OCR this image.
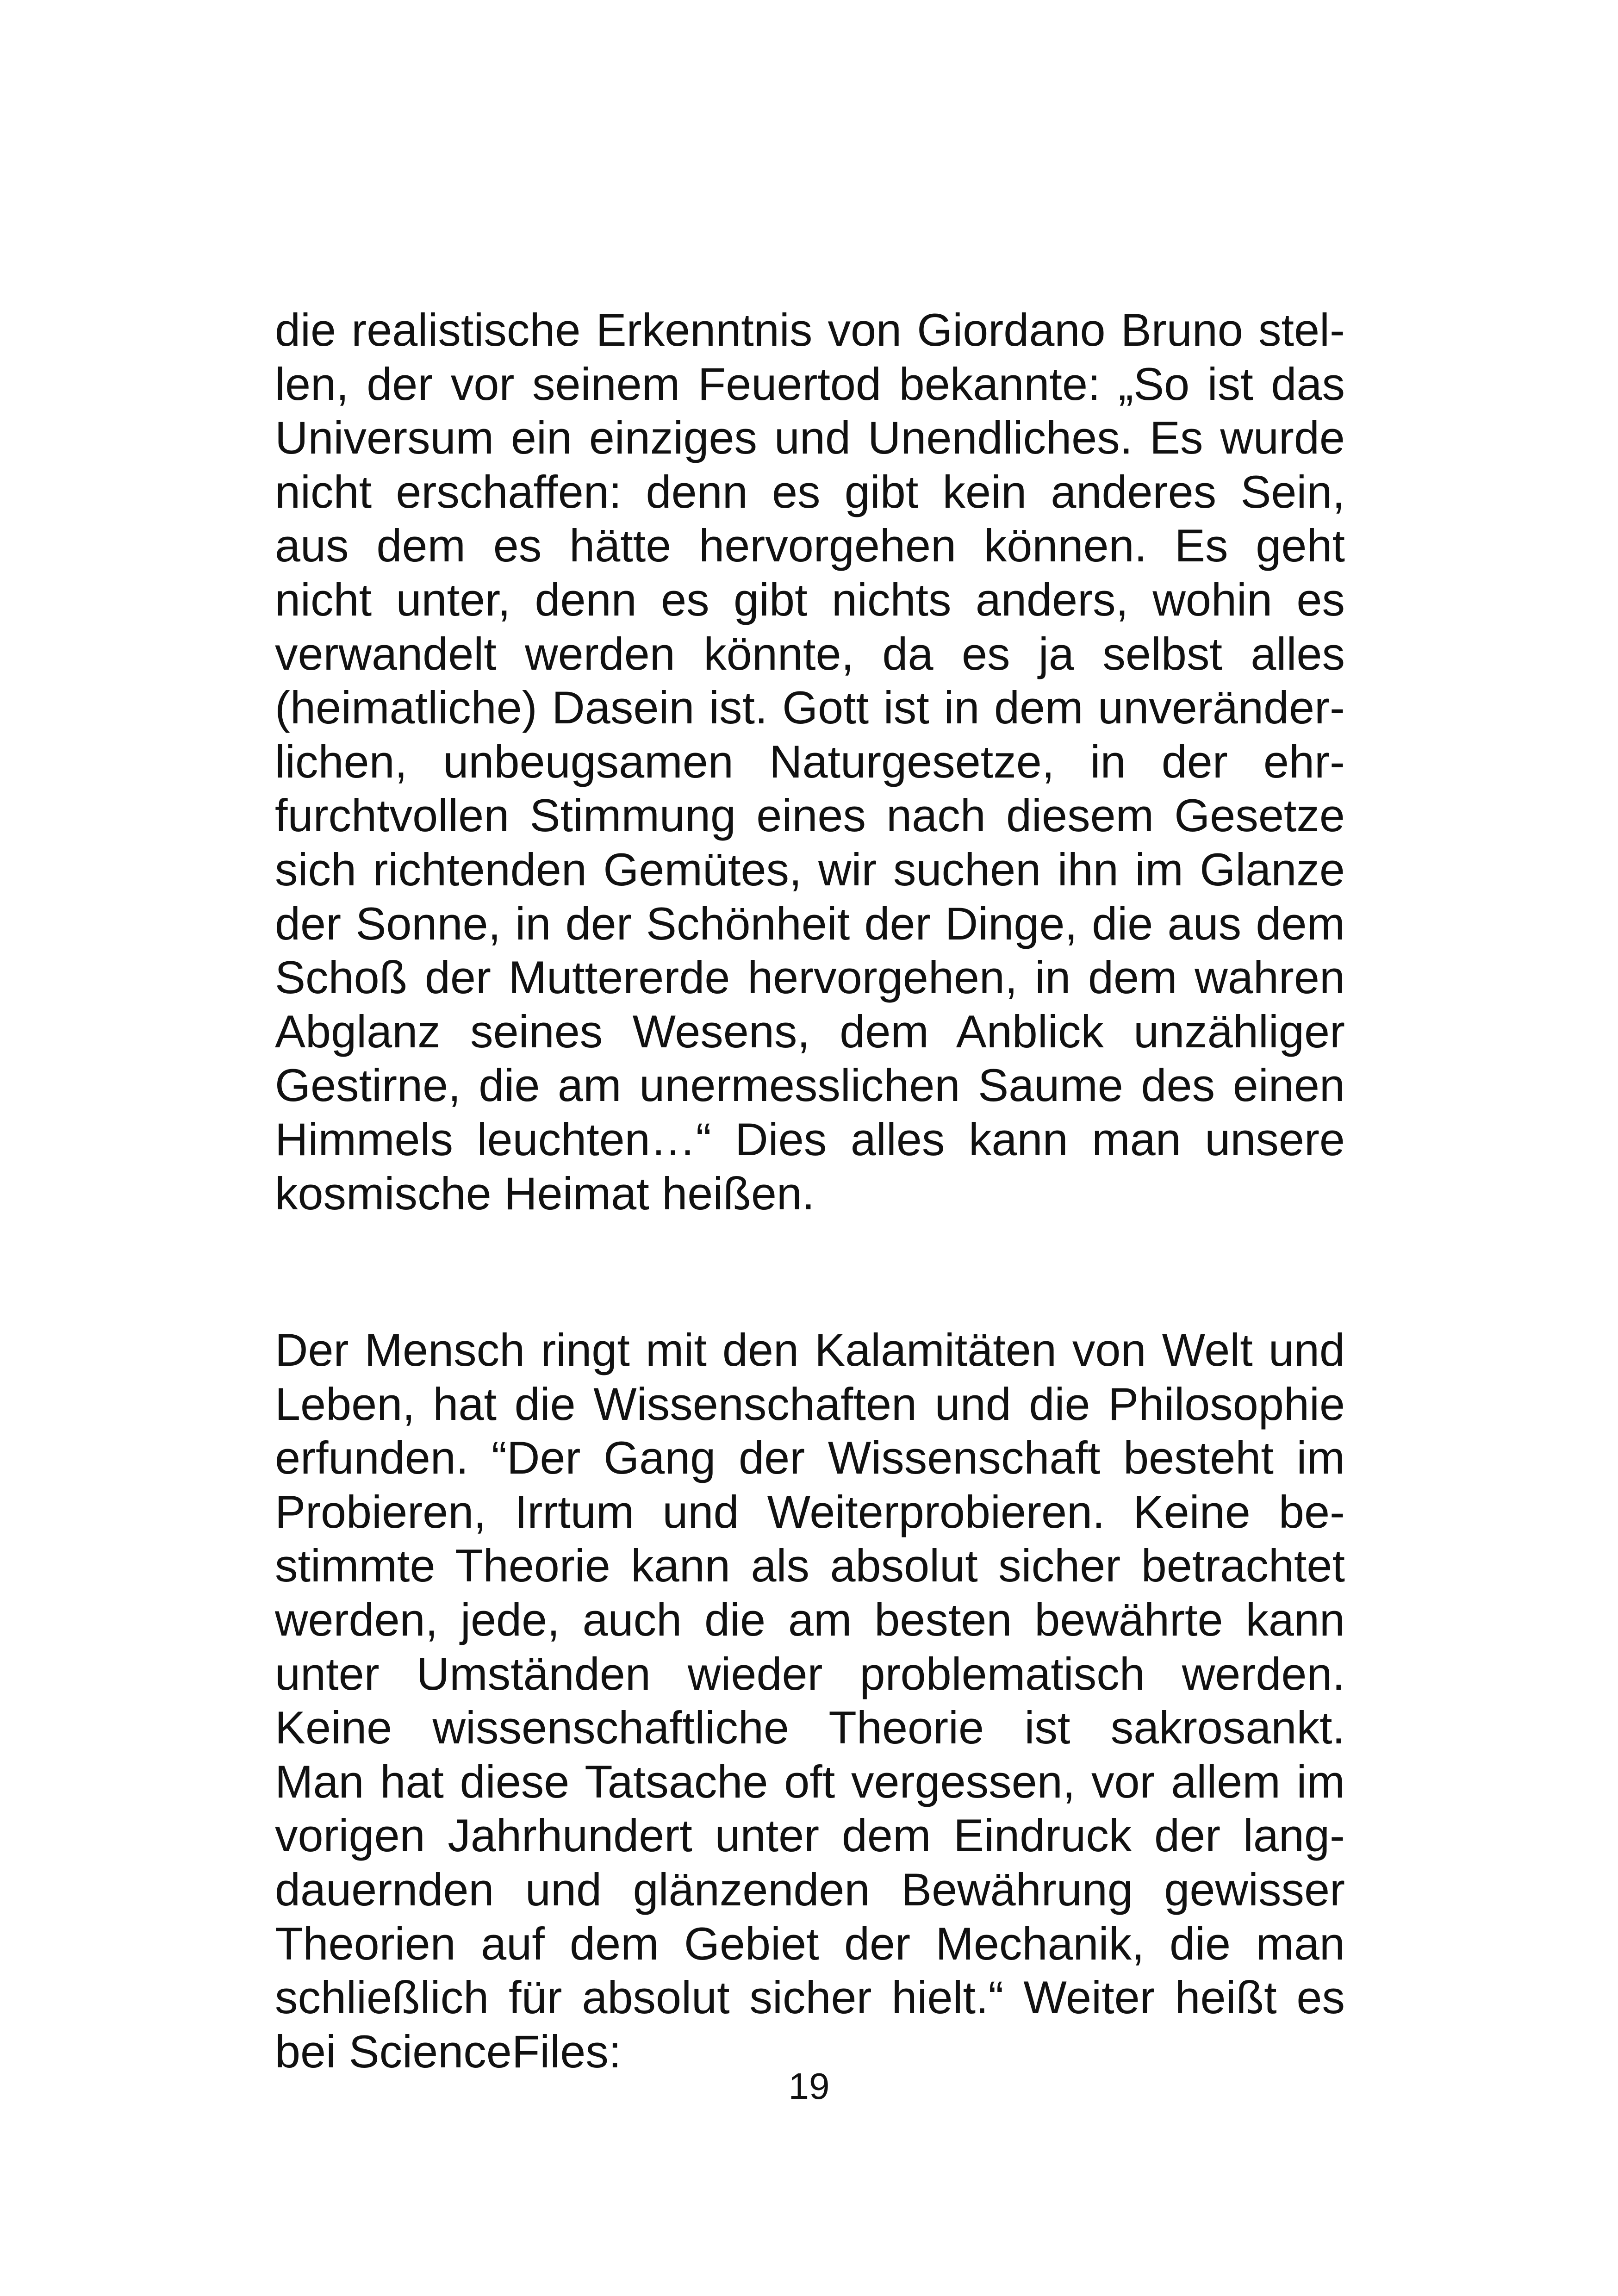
die realistische Erkenntnis von Giordano Bruno stel-
len, der vor seinem Feuertod bekannte: „So ist das
Universum ein einziges und Unendliches. Es wurde
nicht erschaffen: denn es gibt kein anderes Sein,
aus dem es hätte hervorgehen können. Es geht
nicht unter, denn es gibt nichts anders, wohin es
verwandelt werden könnte, da es ja selbst alles
(heimatliche) Dasein ist. Gott ist in dem unveränder-
lichen, unbeugsamen Naturgesetze, in der ehr-
furchtvollen Stimmung eines nach diesem Gesetze
sich richtenden Gemütes, wir suchen ihn im Glanze
der Sonne, in der Schönheit der Dinge, die aus dem
Schoß der Muttererde hervorgehen, in dem wahren
Abglanz seines Wesens, dem Anblick unzähliger
Gestirne, die am unermesslichen Saume des einen
Himmels leuchten…“ Dies alles kann man unsere
kosmische Heimat heißen.

Der Mensch ringt mit den Kalamitäten von Welt und
Leben, hat die Wissenschaften und die Philosophie
erfunden. “Der Gang der Wissenschaft besteht im
Probieren, Irrtum und Weiterprobieren. Keine be-
stimmte Theorie kann als absolut sicher betrachtet
werden, jede, auch die am besten bewährte kann
unter Umständen wieder problematisch werden.
Keine wissenschaftliche Theorie ist sakrosankt.
Man hat diese Tatsache oft vergessen, vor allem im
vorigen Jahrhundert unter dem Eindruck der lang-
dauernden und glänzenden Bewährung gewisser
Theorien auf dem Gebiet der Mechanik, die man
schließlich für absolut sicher hielt.“ Weiter heißt es
bei ScienceFiles:

19
